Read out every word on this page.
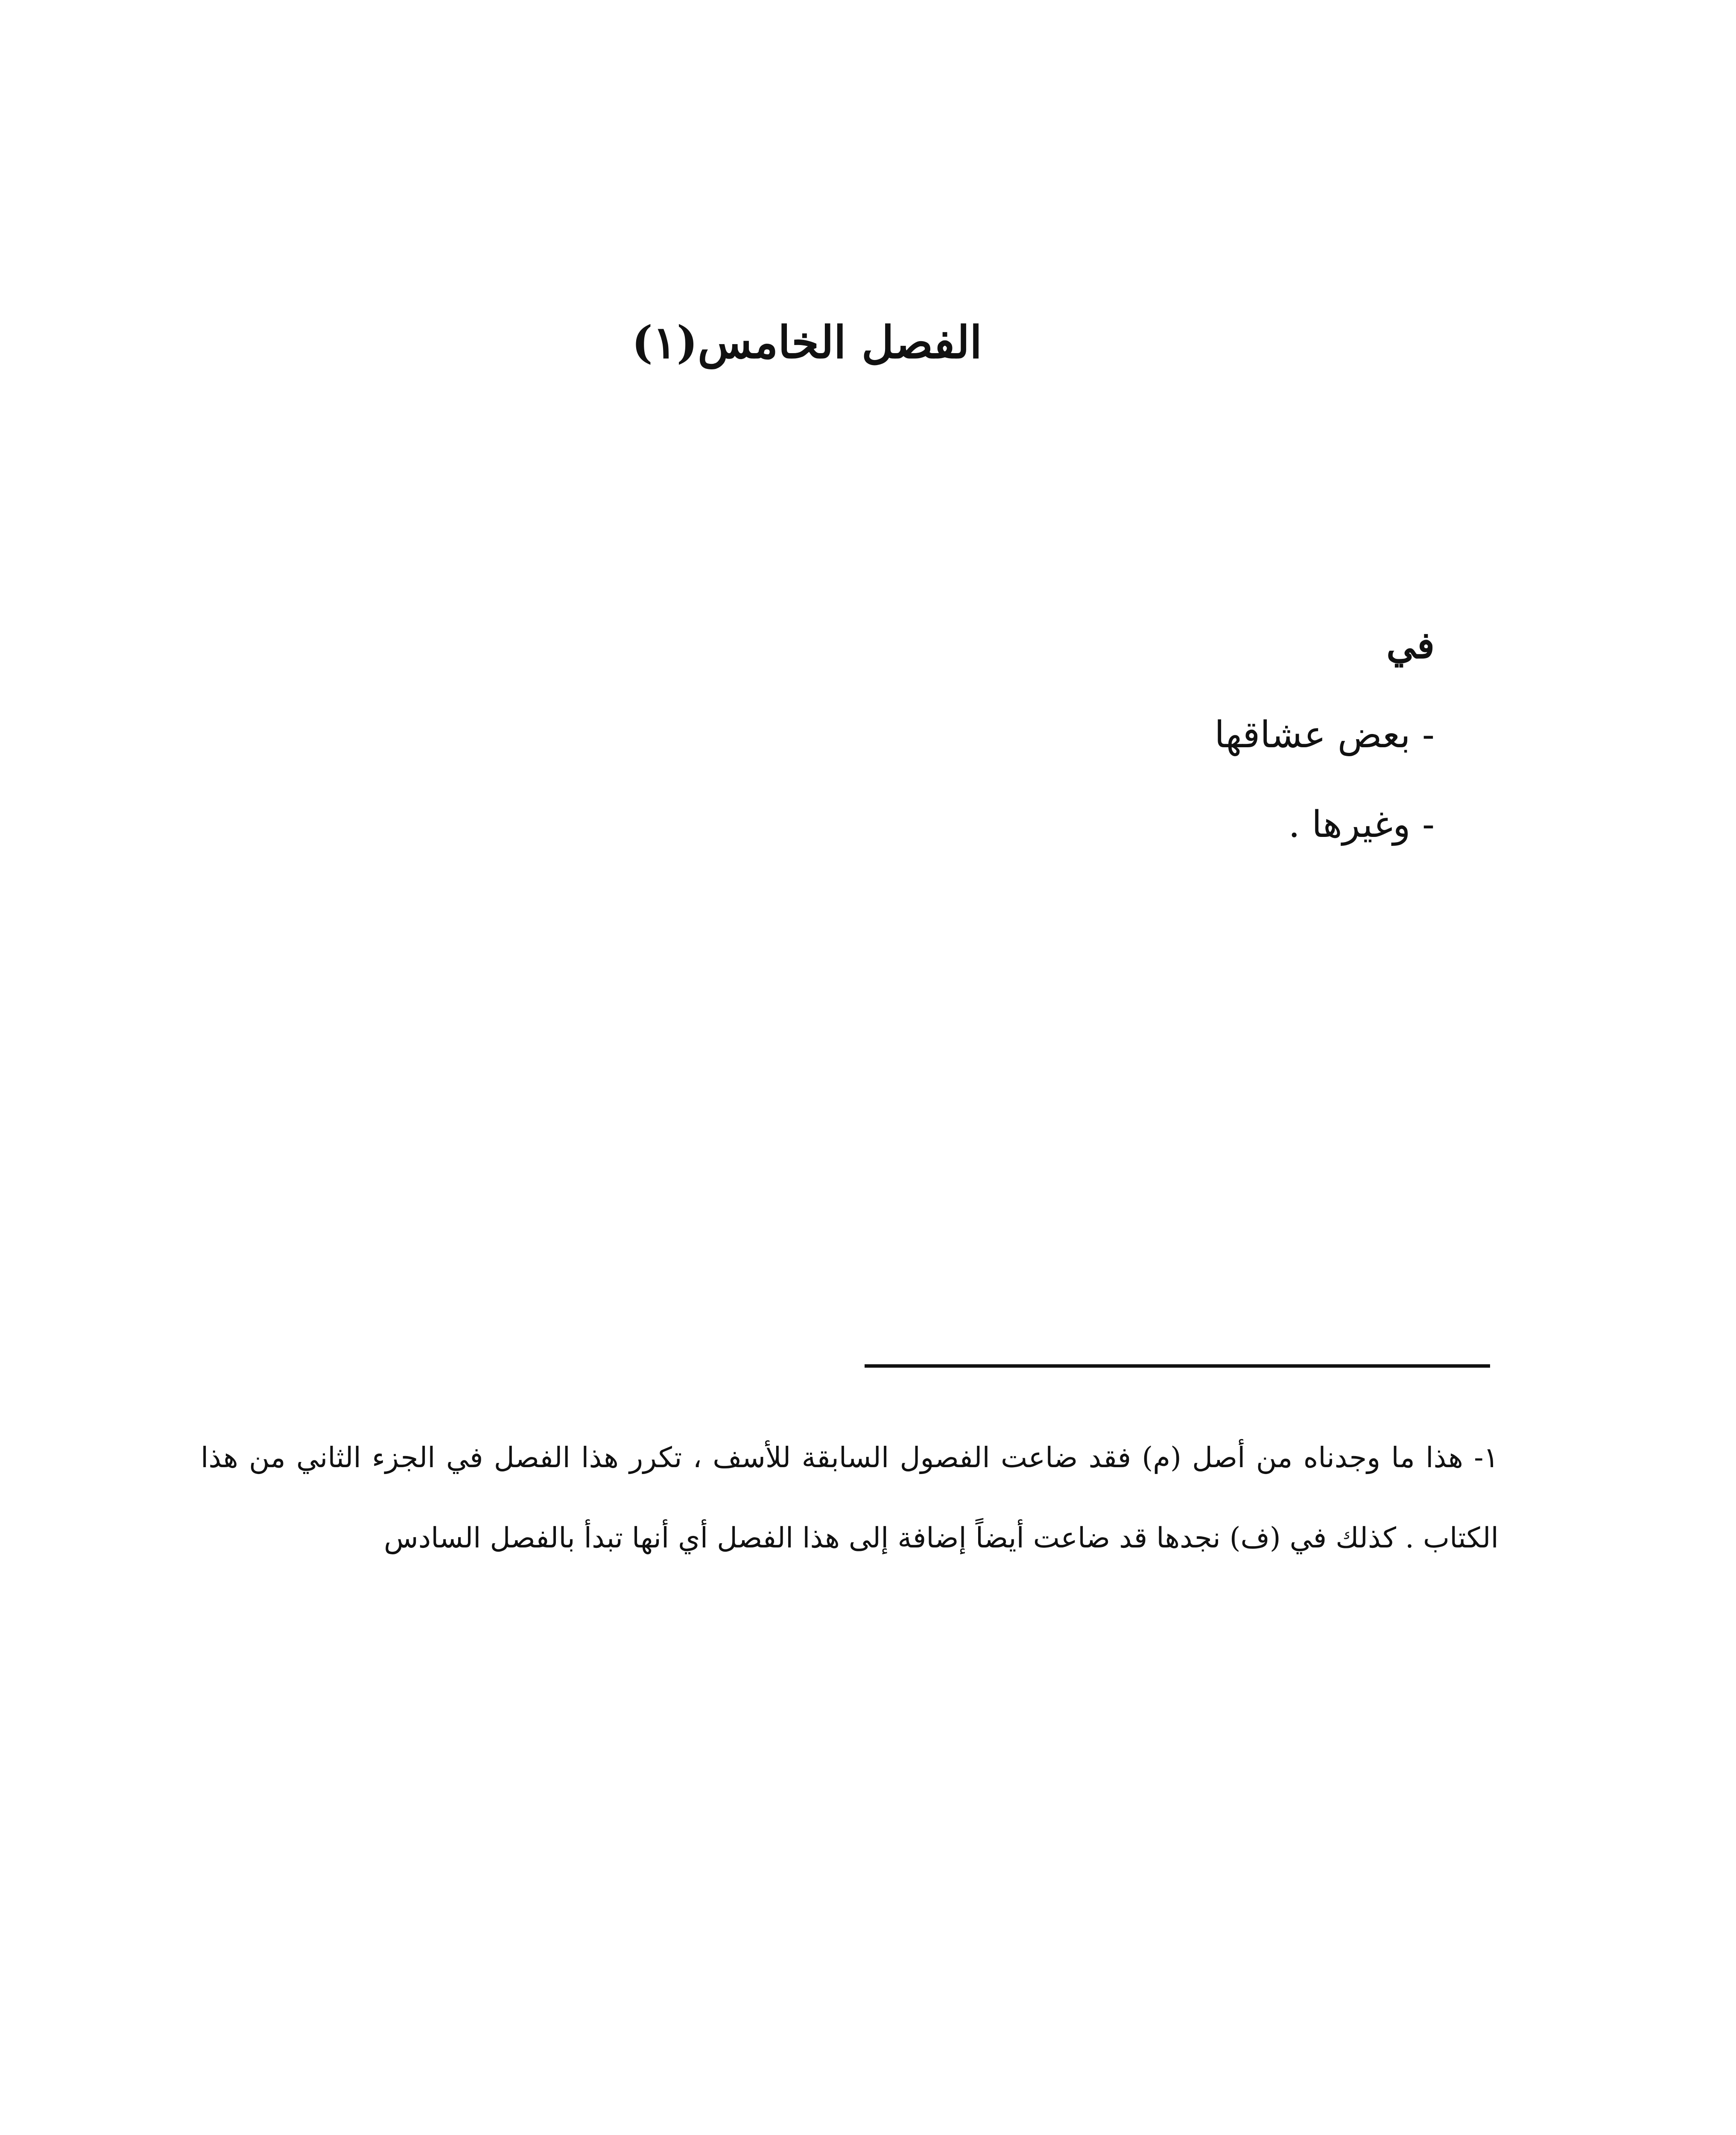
الفصل الخامس(١)
في
- بعض عشاقها
- وغيرها .
١- هذا ما وجدناه من أصل (م) فقد ضاعت الفصول السابقة للأسف ، تكرر هذا الفصل في الجزء الثاني من هذا الكتاب . كذلك في (ف) نجدها قد ضاعت أيضاً إضافة إلى هذا الفصل أي أنها تبدأ بالفصل السادس
